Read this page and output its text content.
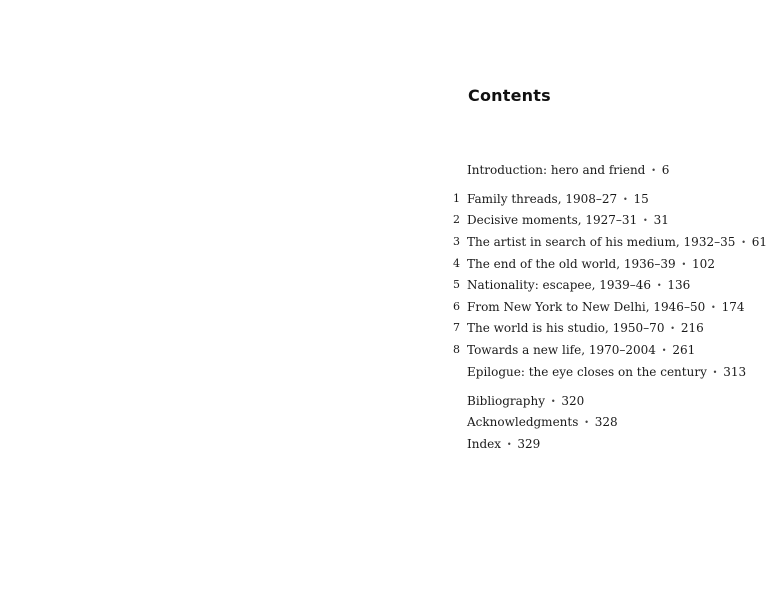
Contents
Introduction: hero and friend • 6
1 Family threads, 1908–27 • 15
2 Decisive moments, 1927–31 • 31
3 The artist in search of his medium, 1932–35 • 61
4 The end of the old world, 1936–39 • 102
5 Nationality: escapee, 1939–46 • 136
6 From New York to New Delhi, 1946–50 • 174
7 The world is his studio, 1950–70 • 216
8 Towards a new life, 1970–2004 • 261
Epilogue: the eye closes on the century • 313
Bibliography • 320
Acknowledgments • 328
Index • 329
